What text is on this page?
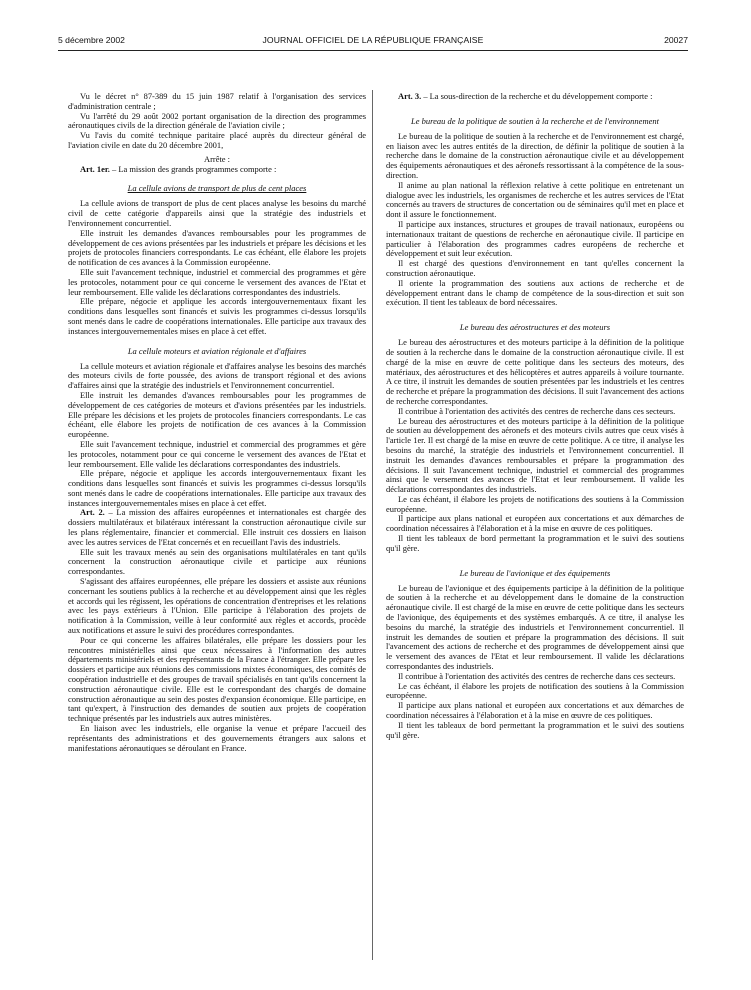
5 décembre 2002	JOURNAL OFFICIEL DE LA RÉPUBLIQUE FRANÇAISE	20027

Vu le décret n° 87-389 du 15 juin 1987 relatif à l'organisation des services d'administration centrale ;

Vu l'arrêté du 29 août 2002 portant organisation de la direction des programmes aéronautiques civils de la direction générale de l'aviation civile ;

Vu l'avis du comité technique paritaire placé auprès du directeur général de l'aviation civile en date du 20 décembre 2001,

Arrête :

Art. 1er. – La mission des grands programmes comporte :

La cellule avions de transport de plus de cent places

La cellule avions de transport de plus de cent places analyse les besoins du marché civil de cette catégorie d'appareils ainsi que la stratégie des industriels et l'environnement concurrentiel.

Elle instruit les demandes d'avances remboursables pour les programmes de développement de ces avions présentées par les industriels et prépare les décisions et les projets de protocoles financiers correspondants. Le cas échéant, elle élabore les projets de notification de ces avances à la Commission européenne.

Elle suit l'avancement technique, industriel et commercial des programmes et gère les protocoles, notamment pour ce qui concerne le versement des avances de l'Etat et leur remboursement. Elle valide les déclarations correspondantes des industriels.

Elle prépare, négocie et applique les accords intergouvernementaux fixant les conditions dans lesquelles sont financés et suivis les programmes ci-dessus lorsqu'ils sont menés dans le cadre de coopérations internationales. Elle participe aux travaux des instances intergouvernementales mises en place à cet effet.

La cellule moteurs et aviation régionale et d'affaires

La cellule moteurs et aviation régionale et d'affaires analyse les besoins des marchés des moteurs civils de forte poussée, des avions de transport régional et des avions d'affaires ainsi que la stratégie des industriels et l'environnement concurrentiel.

Elle instruit les demandes d'avances remboursables pour les programmes de développement de ces catégories de moteurs et d'avions présentées par les industriels. Elle prépare les décisions et les projets de protocoles financiers correspondants. Le cas échéant, elle élabore les projets de notification de ces avances à la Commission européenne.

Elle suit l'avancement technique, industriel et commercial des programmes et gère les protocoles, notamment pour ce qui concerne le versement des avances de l'Etat et leur remboursement. Elle valide les déclarations correspondantes des industriels.

Elle prépare, négocie et applique les accords intergouvernementaux fixant les conditions dans lesquelles sont financés et suivis les programmes ci-dessus lorsqu'ils sont menés dans le cadre de coopérations internationales. Elle participe aux travaux des instances intergouvernementales mises en place à cet effet.

Art. 2. – La mission des affaires européennes et internationales est chargée des dossiers multilatéraux et bilatéraux intéressant la construction aéronautique civile sur les plans réglementaire, financier et commercial. Elle instruit ces dossiers en liaison avec les autres services de l'Etat concernés et en recueillant l'avis des industriels.

Elle suit les travaux menés au sein des organisations multilatérales en tant qu'ils concernent la construction aéronautique civile et participe aux réunions correspondantes.

S'agissant des affaires européennes, elle prépare les dossiers et assiste aux réunions concernant les soutiens publics à la recherche et au développement ainsi que les règles et accords qui les régissent, les opérations de concentration d'entreprises et les relations avec les pays extérieurs à l'Union. Elle participe à l'élaboration des projets de notification à la Commission, veille à leur conformité aux règles et accords, procède aux notifications et assure le suivi des procédures correspondantes.

Pour ce qui concerne les affaires bilatérales, elle prépare les dossiers pour les rencontres ministérielles ainsi que ceux nécessaires à l'information des autres départements ministériels et des représentants de la France à l'étranger. Elle prépare les dossiers et participe aux réunions des commissions mixtes économiques, des comités de coopération industrielle et des groupes de travail spécialisés en tant qu'ils concernent la construction aéronautique civile. Elle est le correspondant des chargés de domaine construction aéronautique au sein des postes d'expansion économique. Elle participe, en tant qu'expert, à l'instruction des demandes de soutien aux projets de coopération technique présentés par les industriels aux autres ministères.

En liaison avec les industriels, elle organise la venue et prépare l'accueil des représentants des administrations et des gouvernements étrangers aux salons et manifestations aéronautiques se déroulant en France.

Art. 3. – La sous-direction de la recherche et du développement comporte :

Le bureau de la politique de soutien à la recherche et de l'environnement

Le bureau de la politique de soutien à la recherche et de l'environnement est chargé, en liaison avec les autres entités de la direction, de définir la politique de soutien à la recherche dans le domaine de la construction aéronautique civile et au développement des équipements aéronautiques et des aéronefs ressortissant à la compétence de la sous-direction.

Il anime au plan national la réflexion relative à cette politique en entretenant un dialogue avec les industriels, les organismes de recherche et les autres services de l'Etat concernés au travers de structures de concertation ou de séminaires qu'il met en place et dont il assure le fonctionnement.

Il participe aux instances, structures et groupes de travail nationaux, européens ou internationaux traitant de questions de recherche en aéronautique civile. Il participe en particulier à l'élaboration des programmes cadres européens de recherche et développement et suit leur exécution.

Il est chargé des questions d'environnement en tant qu'elles concernent la construction aéronautique.

Il oriente la programmation des soutiens aux actions de recherche et de développement entrant dans le champ de compétence de la sous-direction et suit son exécution. Il tient les tableaux de bord nécessaires.

Le bureau des aérostructures et des moteurs

Le bureau des aérostructures et des moteurs participe à la définition de la politique de soutien à la recherche dans le domaine de la construction aéronautique civile. Il est chargé de la mise en œuvre de cette politique dans les secteurs des moteurs, des matériaux, des aérostructures et des hélicoptères et autres appareils à voilure tournante. A ce titre, il instruit les demandes de soutien présentées par les industriels et les centres de recherche et prépare la programmation des décisions. Il suit l'avancement des actions de recherche correspondantes.

Il contribue à l'orientation des activités des centres de recherche dans ces secteurs.

Le bureau des aérostructures et des moteurs participe à la définition de la politique de soutien au développement des aéronefs et des moteurs civils autres que ceux visés à l'article 1er. Il est chargé de la mise en œuvre de cette politique. A ce titre, il analyse les besoins du marché, la stratégie des industriels et l'environnement concurrentiel. Il instruit les demandes d'avances remboursables et prépare la programmation des décisions. Il suit l'avancement technique, industriel et commercial des programmes ainsi que le versement des avances de l'Etat et leur remboursement. Il valide les déclarations correspondantes des industriels.

Le cas échéant, il élabore les projets de notifications des soutiens à la Commission européenne.

Il participe aux plans national et européen aux concertations et aux démarches de coordination nécessaires à l'élaboration et à la mise en œuvre de ces politiques.

Il tient les tableaux de bord permettant la programmation et le suivi des soutiens qu'il gère.

Le bureau de l'avionique et des équipements

Le bureau de l'avionique et des équipements participe à la définition de la politique de soutien à la recherche et au développement dans le domaine de la construction aéronautique civile. Il est chargé de la mise en œuvre de cette politique dans les secteurs de l'avionique, des équipements et des systèmes embarqués. A ce titre, il analyse les besoins du marché, la stratégie des industriels et l'environnement concurrentiel. Il instruit les demandes de soutien et prépare la programmation des décisions. Il suit l'avancement des actions de recherche et des programmes de développement ainsi que le versement des avances de l'Etat et leur remboursement. Il valide les déclarations correspondantes des industriels.

Il contribue à l'orientation des activités des centres de recherche dans ces secteurs.

Le cas échéant, il élabore les projets de notification des soutiens à la Commission européenne.

Il participe aux plans national et européen aux concertations et aux démarches de coordination nécessaires à l'élaboration et à la mise en œuvre de ces politiques.

Il tient les tableaux de bord permettant la programmation et le suivi des soutiens qu'il gère.
